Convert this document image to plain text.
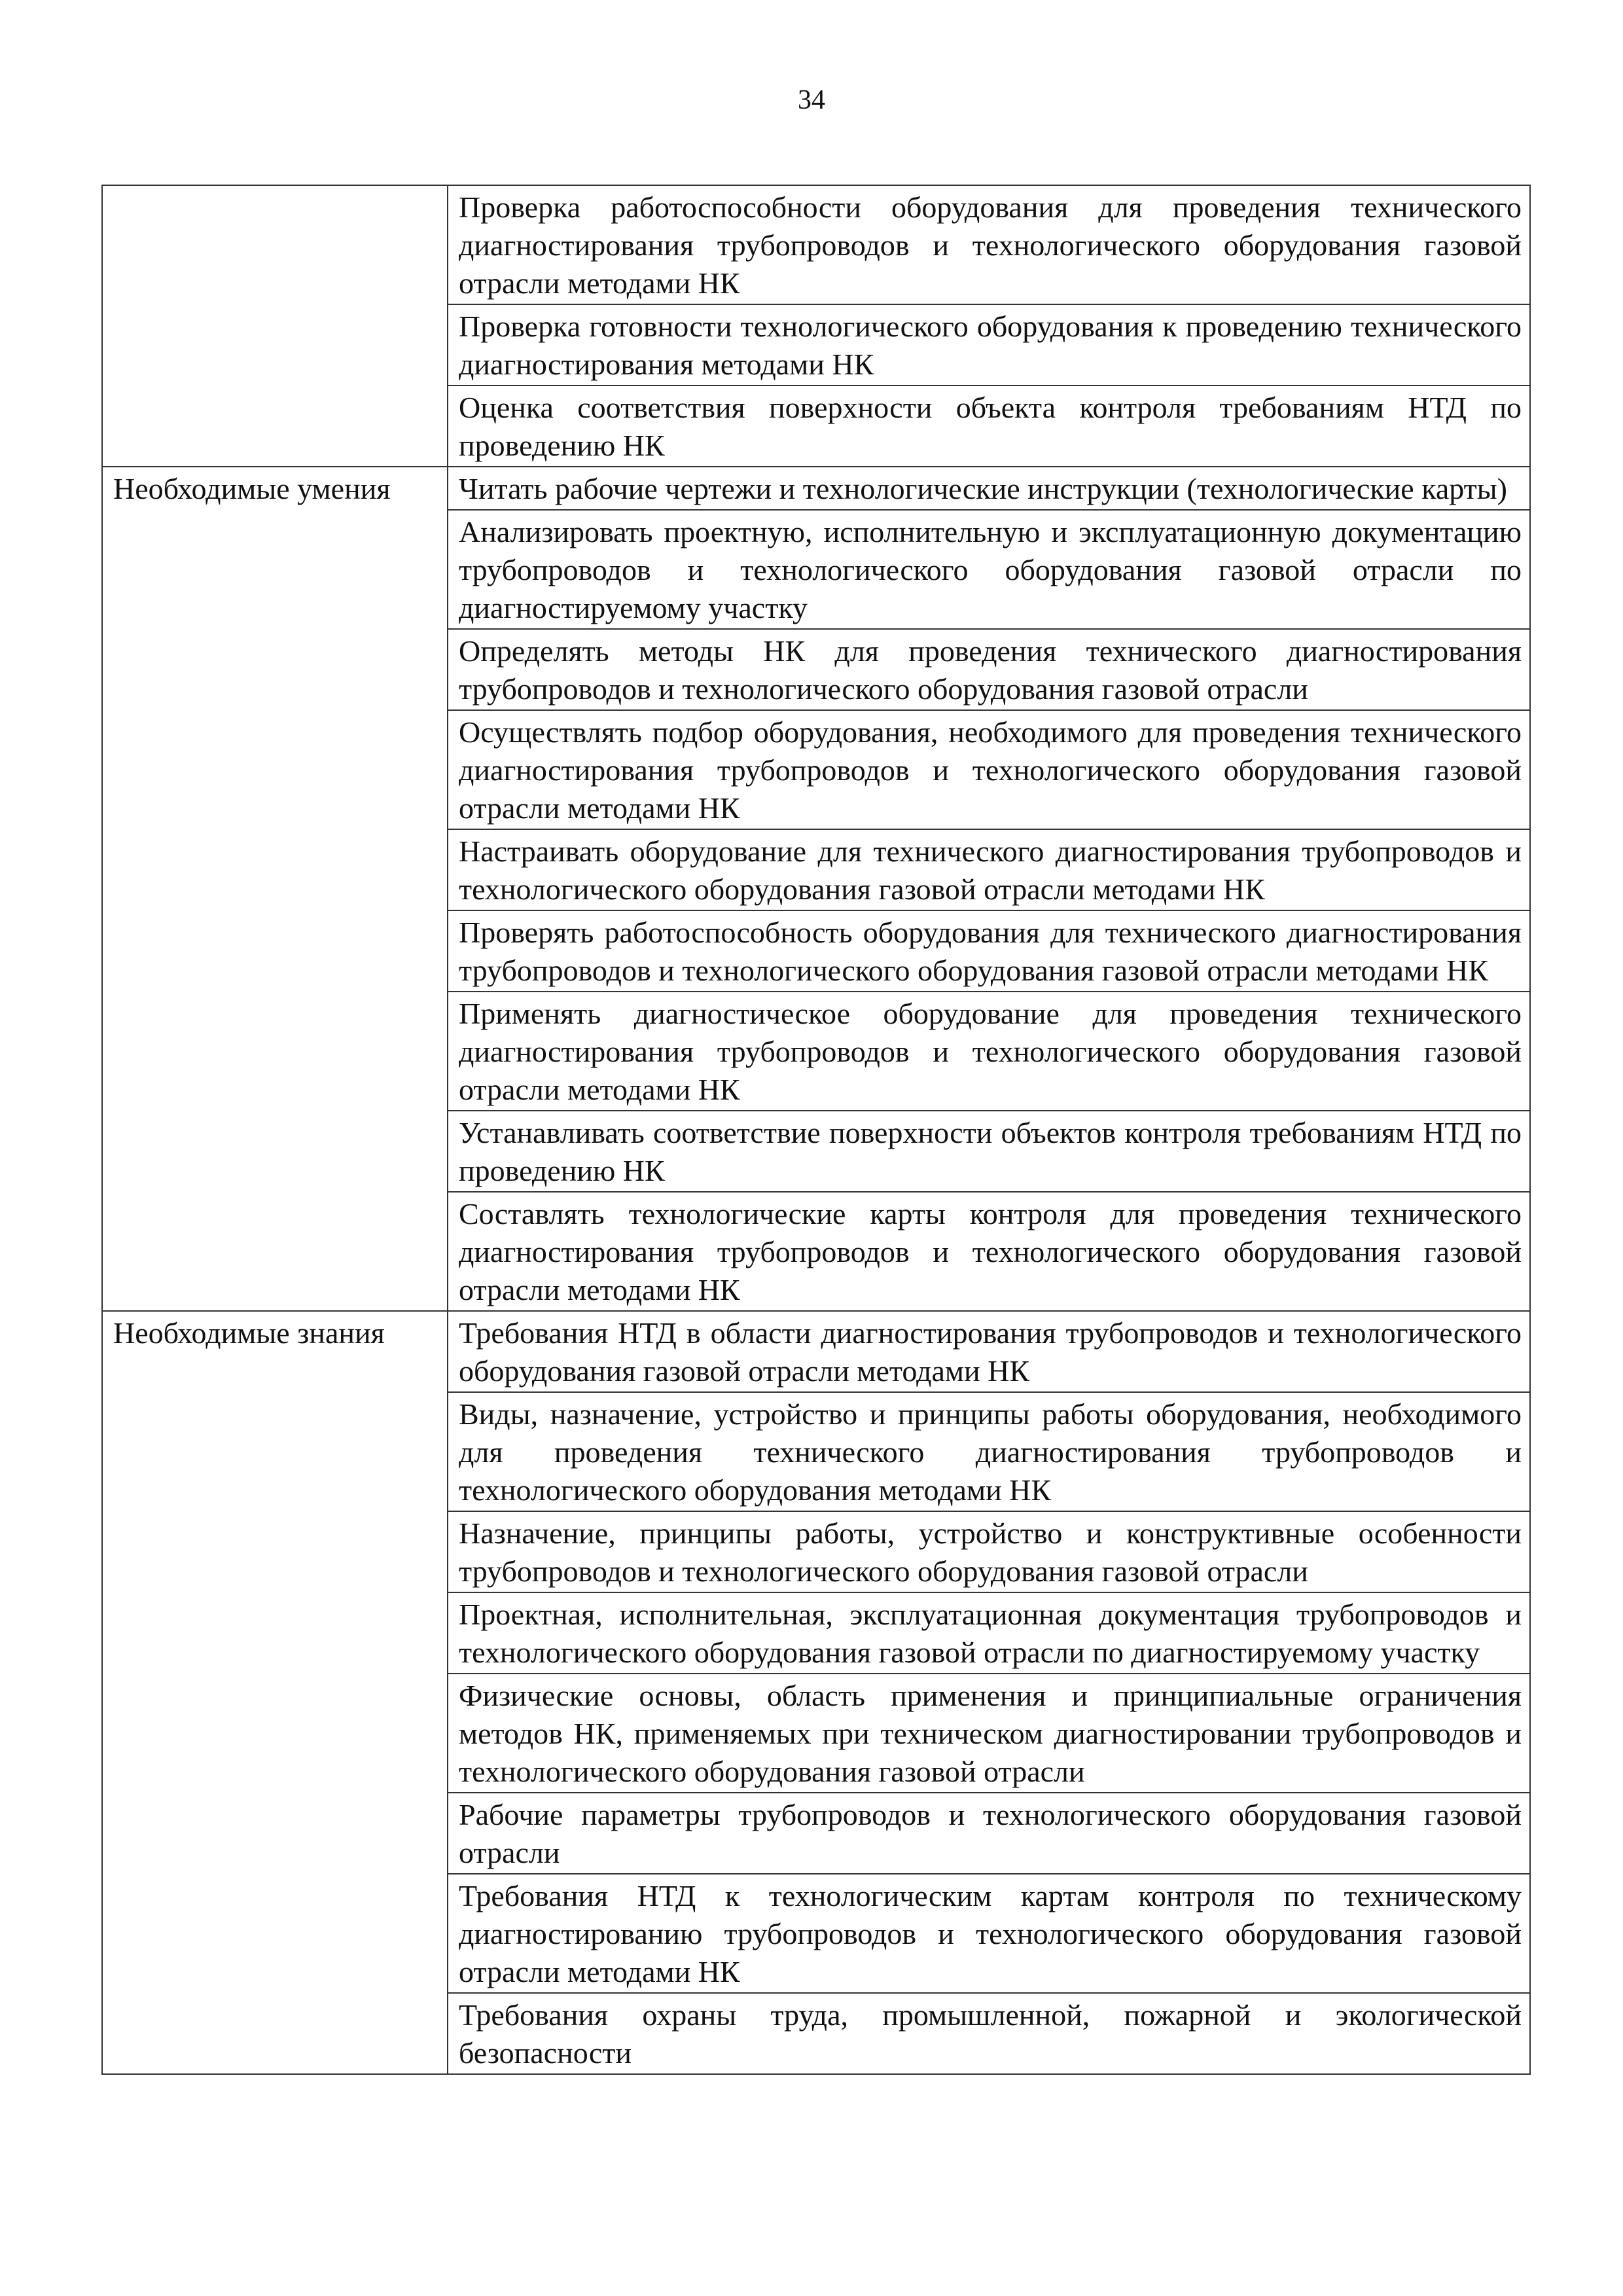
34
	Проверка работоспособности оборудования для проведения технического диагностирования трубопроводов и технологического оборудования газовой отрасли методами НК
	Проверка готовности технологического оборудования к проведению технического диагностирования методами НК
	Оценка соответствия поверхности объекта контроля требованиям НТД по проведению НК
Необходимые умения	Читать рабочие чертежи и технологические инструкции (технологические карты)
	Анализировать проектную, исполнительную и эксплуатационную документацию трубопроводов и технологического оборудования газовой отрасли по диагностируемому участку
	Определять методы НК для проведения технического диагностирования трубопроводов и технологического оборудования газовой отрасли
	Осуществлять подбор оборудования, необходимого для проведения технического диагностирования трубопроводов и технологического оборудования газовой отрасли методами НК
	Настраивать оборудование для технического диагностирования трубопроводов и технологического оборудования газовой отрасли методами НК
	Проверять работоспособность оборудования для технического диагностирования трубопроводов и технологического оборудования газовой отрасли методами НК
	Применять диагностическое оборудование для проведения технического диагностирования трубопроводов и технологического оборудования газовой отрасли методами НК
	Устанавливать соответствие поверхности объектов контроля требованиям НТД по проведению НК
	Составлять технологические карты контроля для проведения технического диагностирования трубопроводов и технологического оборудования газовой отрасли методами НК
Необходимые знания	Требования НТД в области диагностирования трубопроводов и технологического оборудования газовой отрасли методами НК
	Виды, назначение, устройство и принципы работы оборудования, необходимого для проведения технического диагностирования трубопроводов и технологического оборудования методами НК
	Назначение, принципы работы, устройство и конструктивные особенности трубопроводов и технологического оборудования газовой отрасли
	Проектная, исполнительная, эксплуатационная документация трубопроводов и технологического оборудования газовой отрасли по диагностируемому участку
	Физические основы, область применения и принципиальные ограничения методов НК, применяемых при техническом диагностировании трубопроводов и технологического оборудования газовой отрасли
	Рабочие параметры трубопроводов и технологического оборудования газовой отрасли
	Требования НТД к технологическим картам контроля по техническому диагностированию трубопроводов и технологического оборудования газовой отрасли методами НК
	Требования охраны труда, промышленной, пожарной и экологической безопасности
